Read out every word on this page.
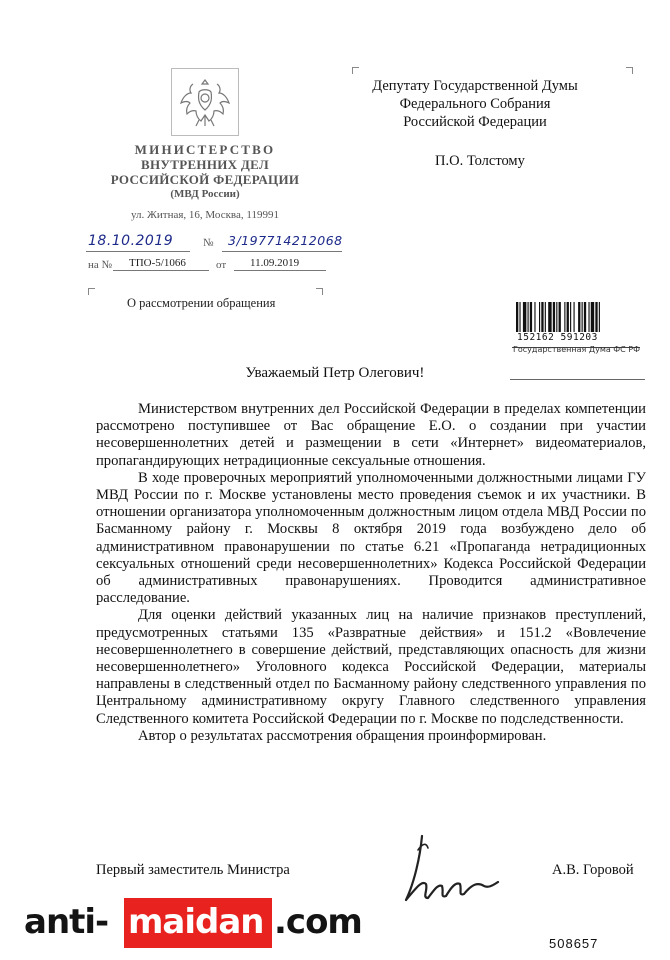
МИНИСТЕРСТВО
ВНУТРЕННИХ ДЕЛ
РОССИЙСКОЙ ФЕДЕРАЦИИ
(МВД России)
ул. Житная, 16, Москва, 119991
18.10.2019	№ 3/197714212068
на № ТПО-5/1066	от 11.09.2019
О рассмотрении обращения
Депутату Государственной Думы
Федерального Собрания
Российской Федерации
П.О. Толстому
152162 591203
Государственная Дума ФС РФ
Уважаемый Петр Олегович!

Министерством внутренних дел Российской Федерации в пределах компетенции рассмотрено поступившее от Вас обращение Е.О. о создании при участии несовершеннолетних детей и размещении в сети «Интернет» видеоматериалов, пропагандирующих нетрадиционные сексуальные отношения.

В ходе проверочных мероприятий уполномоченными должностными лицами ГУ МВД России по г. Москве установлены место проведения съемок и их участники. В отношении организатора уполномоченным должностным лицом отдела МВД России по Басманному району г. Москвы 8 октября 2019 года возбуждено дело об административном правонарушении по статье 6.21 «Пропаганда нетрадиционных сексуальных отношений среди несовершеннолетних» Кодекса Российской Федерации об административных правонарушениях. Проводится административное расследование.

Для оценки действий указанных лиц на наличие признаков преступлений, предусмотренных статьями 135 «Развратные действия» и 151.2 «Вовлечение несовершеннолетнего в совершение действий, представляющих опасность для жизни несовершеннолетнего» Уголовного кодекса Российской Федерации, материалы направлены в следственный отдел по Басманному району следственного управления по Центральному административному округу Главного следственного управления Следственного комитета Российской Федерации по г. Москве по подследственности.

Автор о результатах рассмотрения обращения проинформирован.

Первый заместитель Министра	А.В. Горовой
508657
anti- maidan .com
